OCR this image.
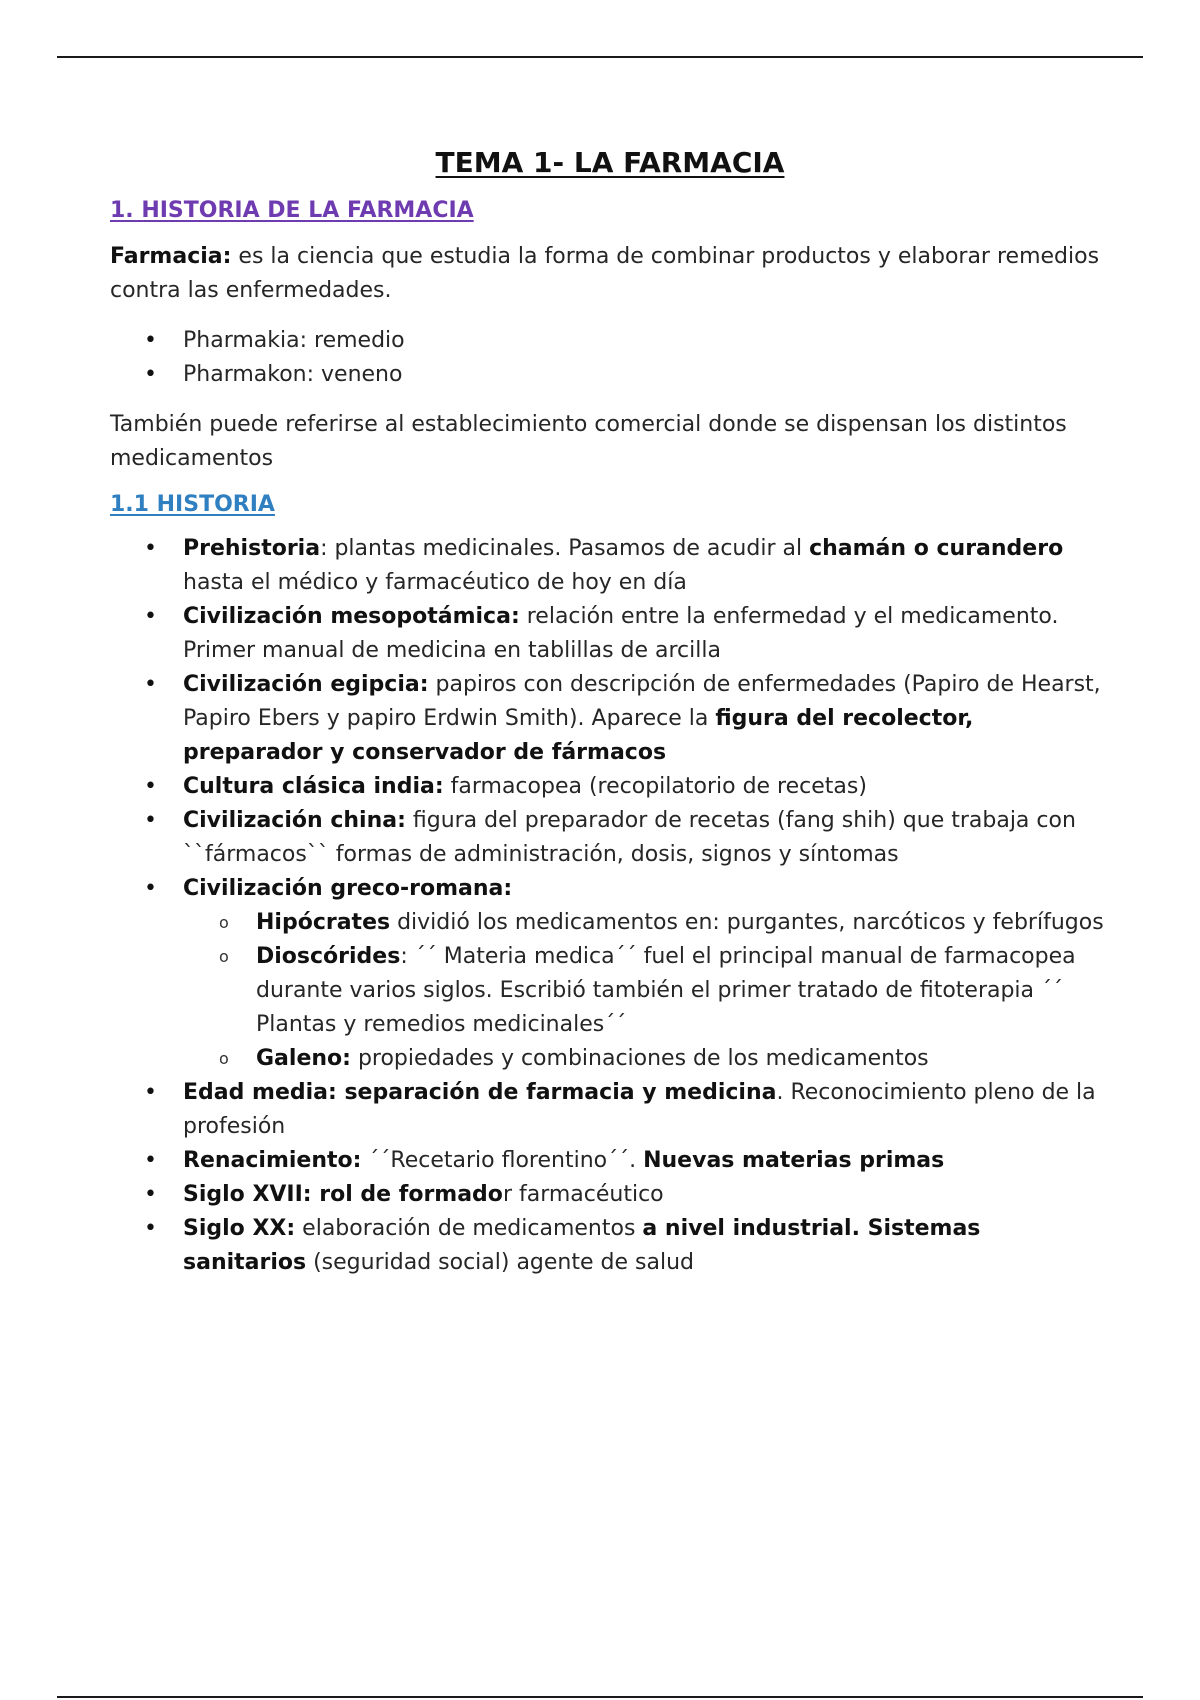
TEMA 1- LA FARMACIA
1. HISTORIA DE LA FARMACIA

Farmacia: es la ciencia que estudia la forma de combinar productos y elaborar remedios contra las enfermedades.

• Pharmakia: remedio
• Pharmakon: veneno

También puede referirse al establecimiento comercial donde se dispensan los distintos medicamentos

1.1 HISTORIA
• Prehistoria: plantas medicinales. Pasamos de acudir al chamán o curandero hasta el médico y farmacéutico de hoy en día
• Civilización mesopotámica: relación entre la enfermedad y el medicamento. Primer manual de medicina en tablillas de arcilla
• Civilización egipcia: papiros con descripción de enfermedades (Papiro de Hearst, Papiro Ebers y papiro Erdwin Smith). Aparece la figura del recolector, preparador y conservador de fármacos
• Cultura clásica india: farmacopea (recopilatorio de recetas)
• Civilización china: figura del preparador de recetas (fang shih) que trabaja con ``fármacos`` formas de administración, dosis, signos y síntomas
• Civilización greco-romana:
o Hipócrates dividió los medicamentos en: purgantes, narcóticos y febrífugos
o Dioscórides: ´´ Materia medica´´ fuel el principal manual de farmacopea durante varios siglos. Escribió también el primer tratado de fitoterapia ´´ Plantas y remedios medicinales´´
o Galeno: propiedades y combinaciones de los medicamentos
• Edad media: separación de farmacia y medicina. Reconocimiento pleno de la profesión
• Renacimiento: ´´Recetario florentino´´. Nuevas materias primas
• Siglo XVII: rol de formador farmacéutico
• Siglo XX: elaboración de medicamentos a nivel industrial. Sistemas sanitarios (seguridad social) agente de salud
